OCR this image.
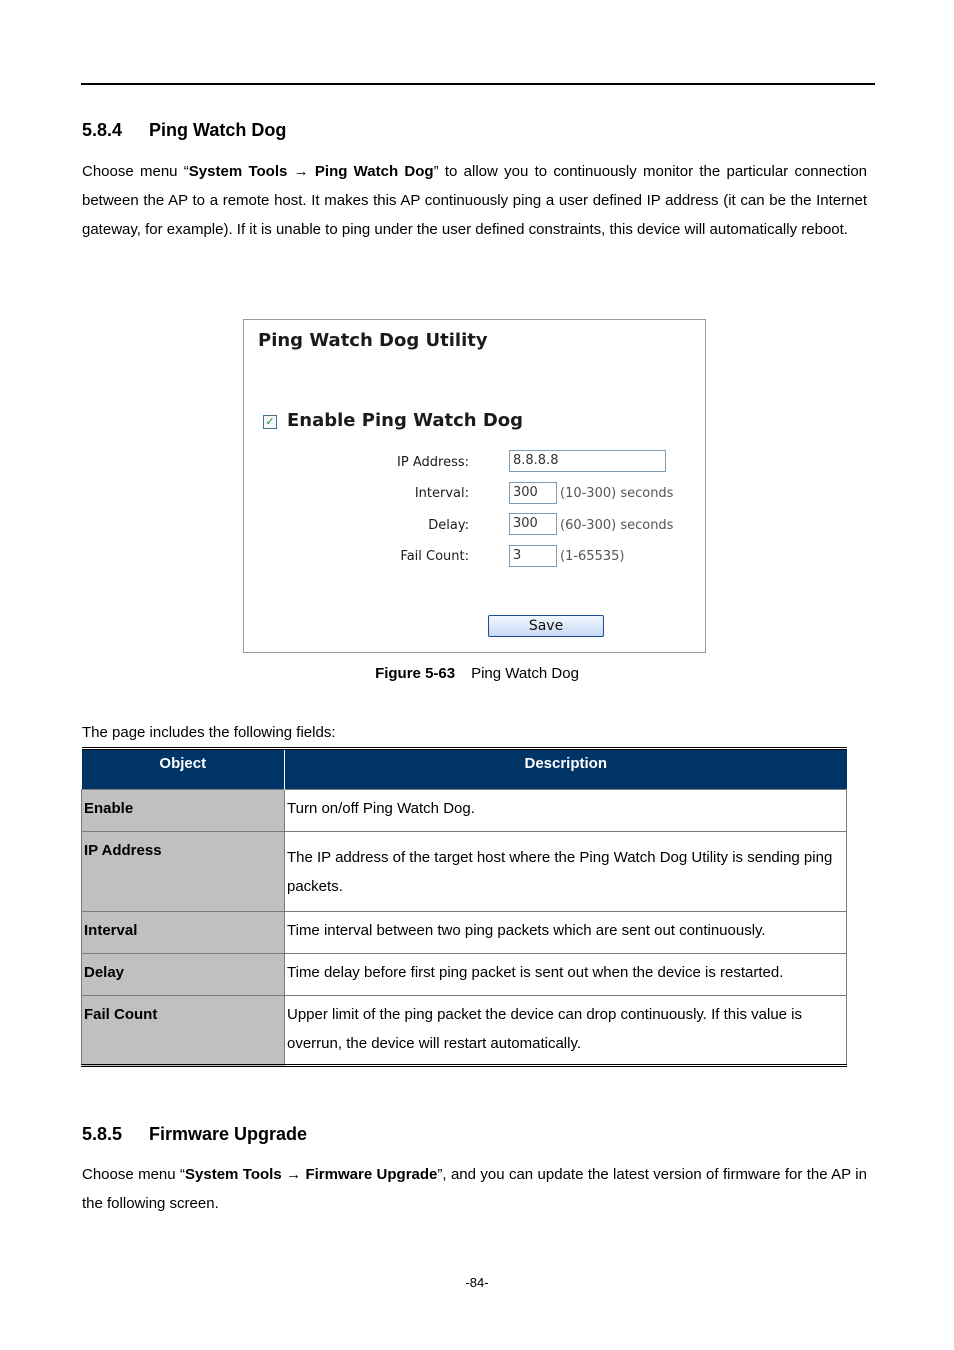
5.8.4 Ping Watch Dog

Choose menu “System Tools → Ping Watch Dog” to allow you to continuously monitor the particular connection between the AP to a remote host. It makes this AP continuously ping a user defined IP address (it can be the Internet gateway, for example). If it is unable to ping under the user defined constraints, this device will automatically reboot.

Ping Watch Dog Utility
✓ Enable Ping Watch Dog
IP Address:	8.8.8.8
Interval:	300	(10-300) seconds
Delay:	300	(60-300) seconds
Fail Count:	3	(1-65535)
Save
Figure 5-63 Ping Watch Dog

The page includes the following fields:

Object	Description
Enable	Turn on/off Ping Watch Dog.
IP Address	The IP address of the target host where the Ping Watch Dog Utility is sending ping packets.
Interval	Time interval between two ping packets which are sent out continuously.
Delay	Time delay before first ping packet is sent out when the device is restarted.
Fail Count	Upper limit of the ping packet the device can drop continuously. If this value is overrun, the device will restart automatically.
5.8.5 Firmware Upgrade

Choose menu “System Tools → Firmware Upgrade”, and you can update the latest version of firmware for the AP in the following screen.

-84-
